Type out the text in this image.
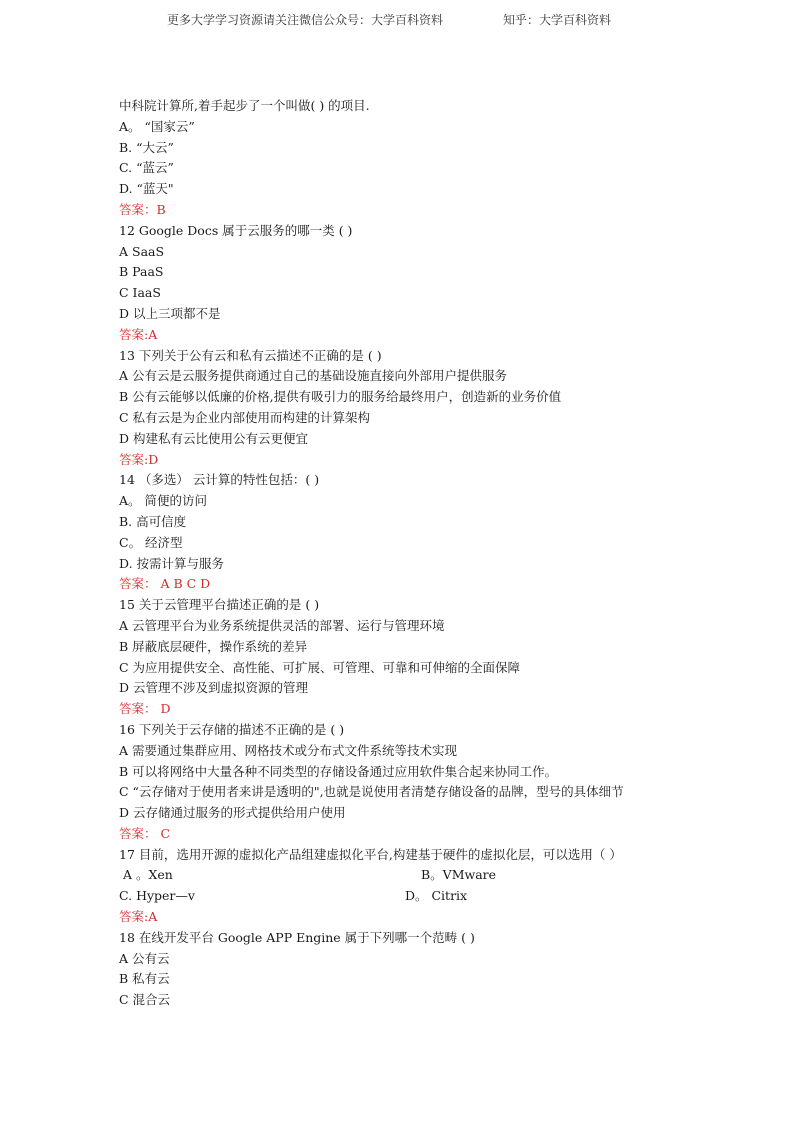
更多大学学习资源请关注微信公众号：大学百科资料	知乎：大学百科资料
中科院计算所,着手起步了一个叫做( ) 的项目.
A。 “国家云”
B. “大云”
C. “蓝云”
D. “蓝天"
答案：B
12 Google Docs 属于云服务的哪一类 ( )
A SaaS
B PaaS
C IaaS
D 以上三项都不是
答案:A
13 下列关于公有云和私有云描述不正确的是 ( )
A 公有云是云服务提供商通过自己的基础设施直接向外部用户提供服务
B 公有云能够以低廉的价格,提供有吸引力的服务给最终用户，创造新的业务价值
C 私有云是为企业内部使用而构建的计算架构
D 构建私有云比使用公有云更便宜
答案:D
14 （多选） 云计算的特性包括：( )
A。 简便的访问
B. 高可信度
C。 经济型
D. 按需计算与服务
答案： A B C D
15 关于云管理平台描述正确的是 ( )
A 云管理平台为业务系统提供灵活的部署、运行与管理环境
B 屏蔽底层硬件，操作系统的差异
C 为应用提供安全、高性能、可扩展、可管理、可靠和可伸缩的全面保障
D 云管理不涉及到虚拟资源的管理
答案： D
16 下列关于云存储的描述不正确的是 ( )
A 需要通过集群应用、网格技术或分布式文件系统等技术实现
B 可以将网络中大量各种不同类型的存储设备通过应用软件集合起来协同工作。
C “云存储对于使用者来讲是透明的",也就是说使用者清楚存储设备的品牌，型号的具体细节
D 云存储通过服务的形式提供给用户使用
答案： C
17 目前，选用开源的虚拟化产品组建虚拟化平台,构建基于硬件的虚拟化层，可以选用（ ）
A 。Xen	B。VMware
C. Hyper—v	D。 Citrix
答案:A
18 在线开发平台 Google APP Engine 属于下列哪一个范畴 ( )
A 公有云
B 私有云
C 混合云
